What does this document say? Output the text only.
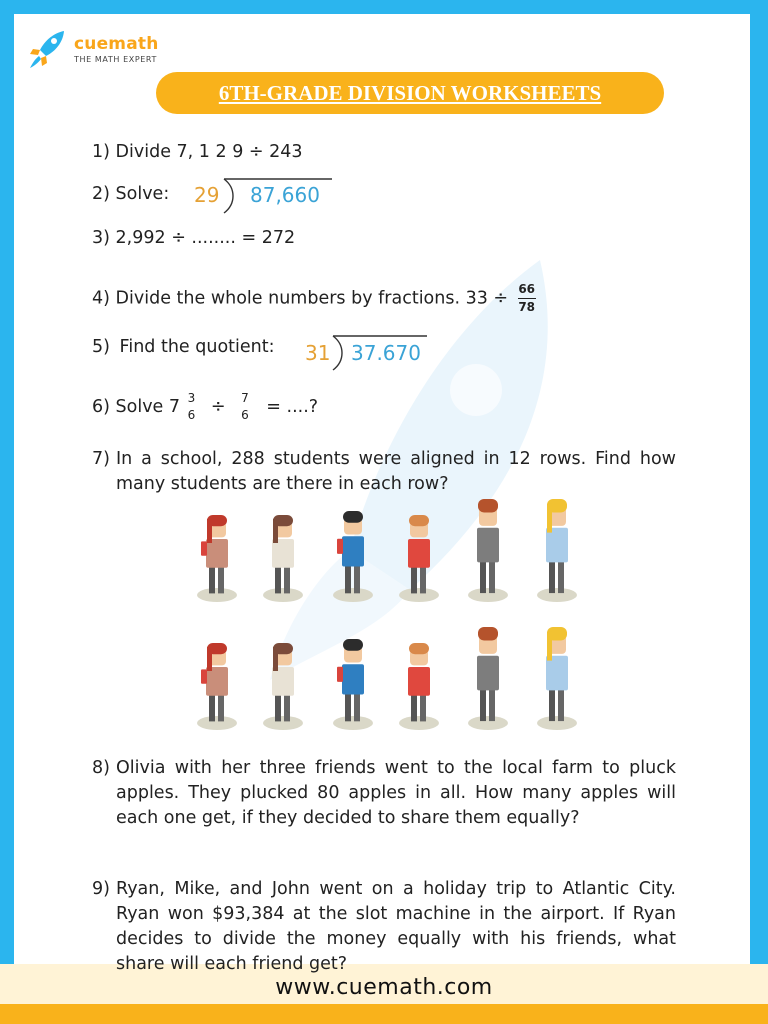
www.cuemath.com
cuemath
THE MATH EXPERT
6TH-GRADE DIVISION WORKSHEETS
1) Divide 7, 1 2 9 ÷ 243
2) Solve: 29 87,660
3) 2,992 ÷ ........ = 272
4) Divide the whole numbers by fractions. $33 \div \frac{66}{78}$
5) Find the quotient: 31 37.670
6) Solve 7 3
6 ÷ 7
6 = ....?
7) In a school, 288 students were aligned in 12 rows. Find how many students are there in each row?
8) Olivia with her three friends went to the local farm to pluck apples. They plucked 80 apples in all. How many apples will each one get, if they decided to share them equally?
9) Ryan, Mike, and John went on a holiday trip to Atlantic City. Ryan won $93,384 at the slot machine in the airport. If Ryan decides to divide the money equally with his friends, what share will each friend get?
